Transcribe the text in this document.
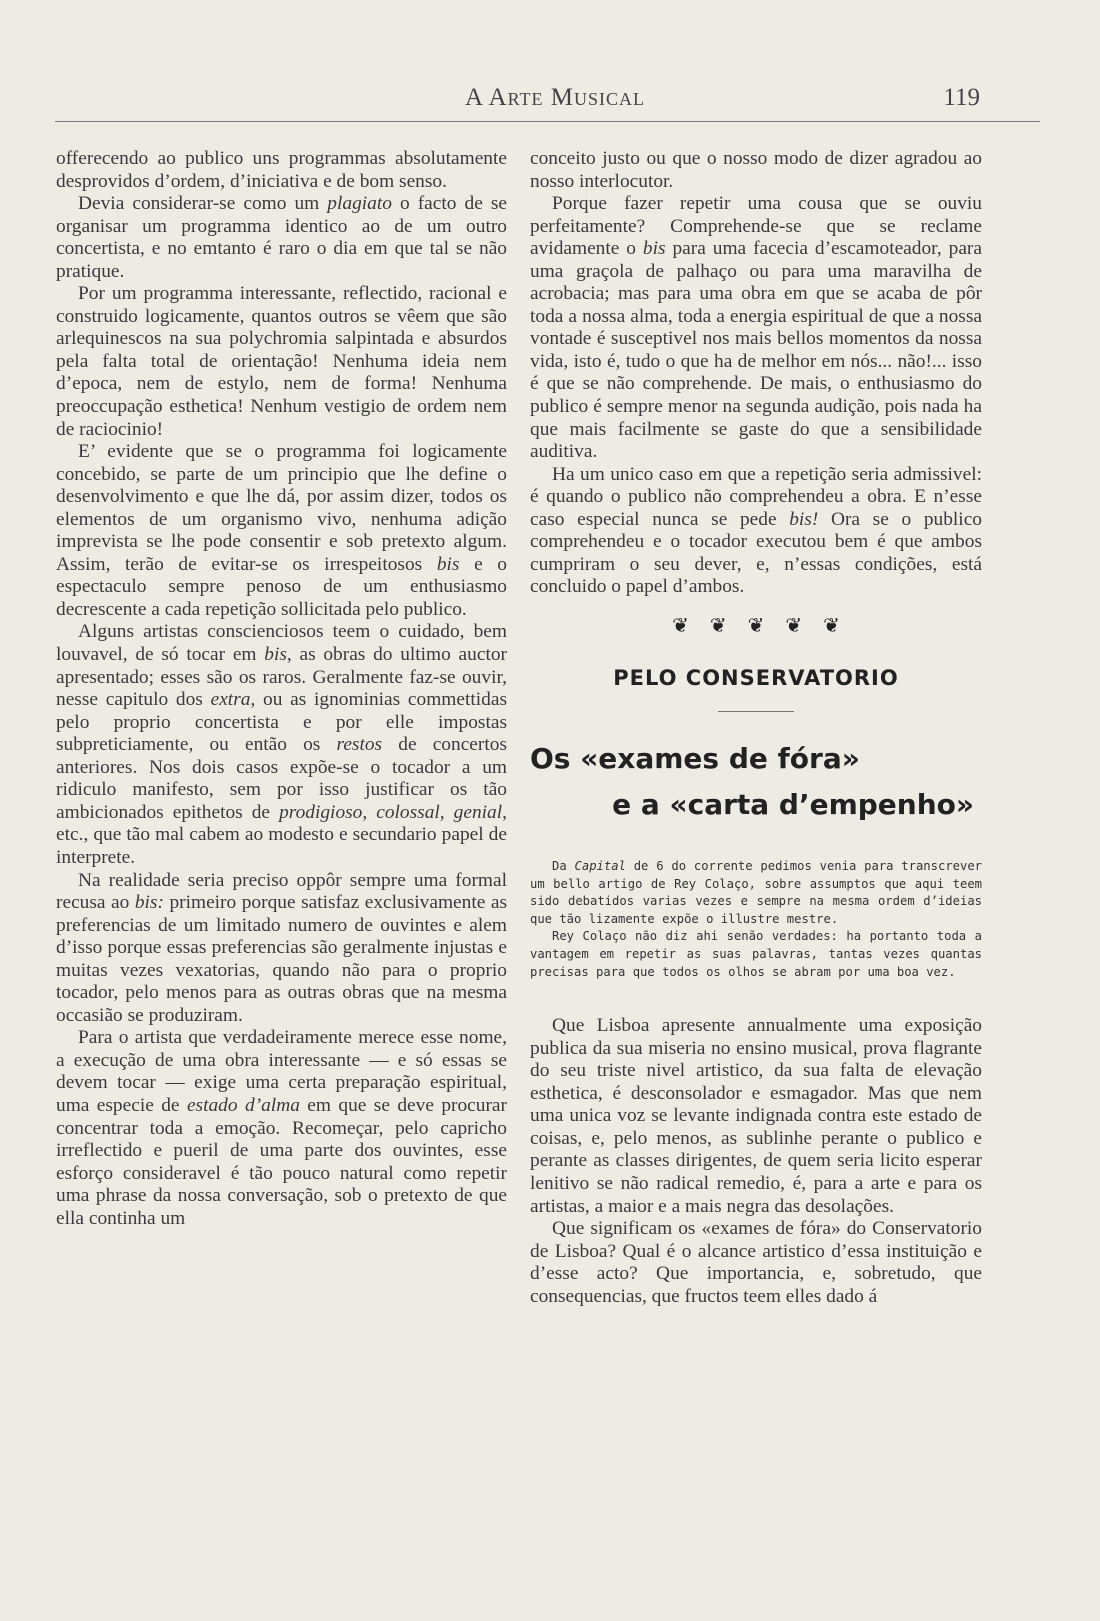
A Arte Musical	119

offerecendo ao publico uns programmas absolutamente desprovidos d’ordem, d’iniciativa e de bom senso.

Devia considerar-se como um plagiato o facto de se organisar um programma identico ao de um outro concertista, e no emtanto é raro o dia em que tal se não pratique.

Por um programma interessante, reflectido, racional e construido logicamente, quantos outros se vêem que são arlequinescos na sua polychromia salpintada e absurdos pela falta total de orientação! Nenhuma ideia nem d’epoca, nem de estylo, nem de forma! Nenhuma preoccupação esthetica! Nenhum vestigio de ordem nem de raciocinio!

E’ evidente que se o programma foi logicamente concebido, se parte de um principio que lhe define o desenvolvimento e que lhe dá, por assim dizer, todos os elementos de um organismo vivo, nenhuma adição imprevista se lhe pode consentir e sob pretexto algum. Assim, terão de evitar-se os irrespeitosos bis e o espectaculo sempre penoso de um enthusiasmo decrescente a cada repetição sollicitada pelo publico.

Alguns artistas conscienciosos teem o cuidado, bem louvavel, de só tocar em bis, as obras do ultimo auctor apresentado; esses são os raros. Geralmente faz-se ouvir, nesse capitulo dos extra, ou as ignominias commettidas pelo proprio concertista e por elle impostas subpreticiamente, ou então os restos de concertos anteriores. Nos dois casos expõe-se o tocador a um ridiculo manifesto, sem por isso justificar os tão ambicionados epithetos de prodigioso, colossal, genial, etc., que tão mal cabem ao modesto e secundario papel de interprete.

Na realidade seria preciso oppôr sempre uma formal recusa ao bis: primeiro porque satisfaz exclusivamente as preferencias de um limitado numero de ouvintes e alem d’isso porque essas preferencias são geralmente injustas e muitas vezes vexatorias, quando não para o proprio tocador, pelo menos para as outras obras que na mesma occasião se produziram.

Para o artista que verdadeiramente merece esse nome, a execução de uma obra interessante — e só essas se devem tocar — exige uma certa preparação espiritual, uma especie de estado d’alma em que se deve procurar concentrar toda a emoção. Recomeçar, pelo capricho irreflectido e pueril de uma parte dos ouvintes, esse esforço consideravel é tão pouco natural como repetir uma phrase da nossa conversação, sob o pretexto de que ella continha um

conceito justo ou que o nosso modo de dizer agradou ao nosso interlocutor.

Porque fazer repetir uma cousa que se ouviu perfeitamente? Comprehende-se que se reclame avidamente o bis para uma facecia d’escamoteador, para uma graçola de palhaço ou para uma maravilha de acrobacia; mas para uma obra em que se acaba de pôr toda a nossa alma, toda a energia espiritual de que a nossa vontade é susceptivel nos mais bellos momentos da nossa vida, isto é, tudo o que ha de melhor em nós... não!... isso é que se não comprehende. De mais, o enthusiasmo do publico é sempre menor na segunda audição, pois nada ha que mais facilmente se gaste do que a sensibilidade auditiva.

Ha um unico caso em que a repetição seria admissivel: é quando o publico não comprehendeu a obra. E n’esse caso especial nunca se pede bis! Ora se o publico comprehendeu e o tocador executou bem é que ambos cumpriram o seu dever, e, n’essas condições, está concluido o papel d’ambos.

❦ ❦ ❦ ❦ ❦
PELO CONSERVATORIO
Os «exames de fóra»
e a «carta d’empenho»

Da Capital de 6 do corrente pedimos venia para transcrever um bello artigo de Rey Colaço, sobre assumptos que aqui teem sido debatidos varias vezes e sempre na mesma ordem d’ideias que tão lizamente expõe o illustre mestre.

Rey Colaço não diz ahi senão verdades: ha portanto toda a vantagem em repetir as suas palavras, tantas vezes quantas precisas para que todos os olhos se abram por uma boa vez.

Que Lisboa apresente annualmente uma exposição publica da sua miseria no ensino musical, prova flagrante do seu triste nivel artistico, da sua falta de elevação esthetica, é desconsolador e esmagador. Mas que nem uma unica voz se levante indignada contra este estado de coisas, e, pelo menos, as sublinhe perante o publico e perante as classes dirigentes, de quem seria licito esperar lenitivo se não radical remedio, é, para a arte e para os artistas, a maior e a mais negra das desolações.

Que significam os «exames de fóra» do Conservatorio de Lisboa? Qual é o alcance artistico d’essa instituição e d’esse acto? Que importancia, e, sobretudo, que consequencias, que fructos teem elles dado á
